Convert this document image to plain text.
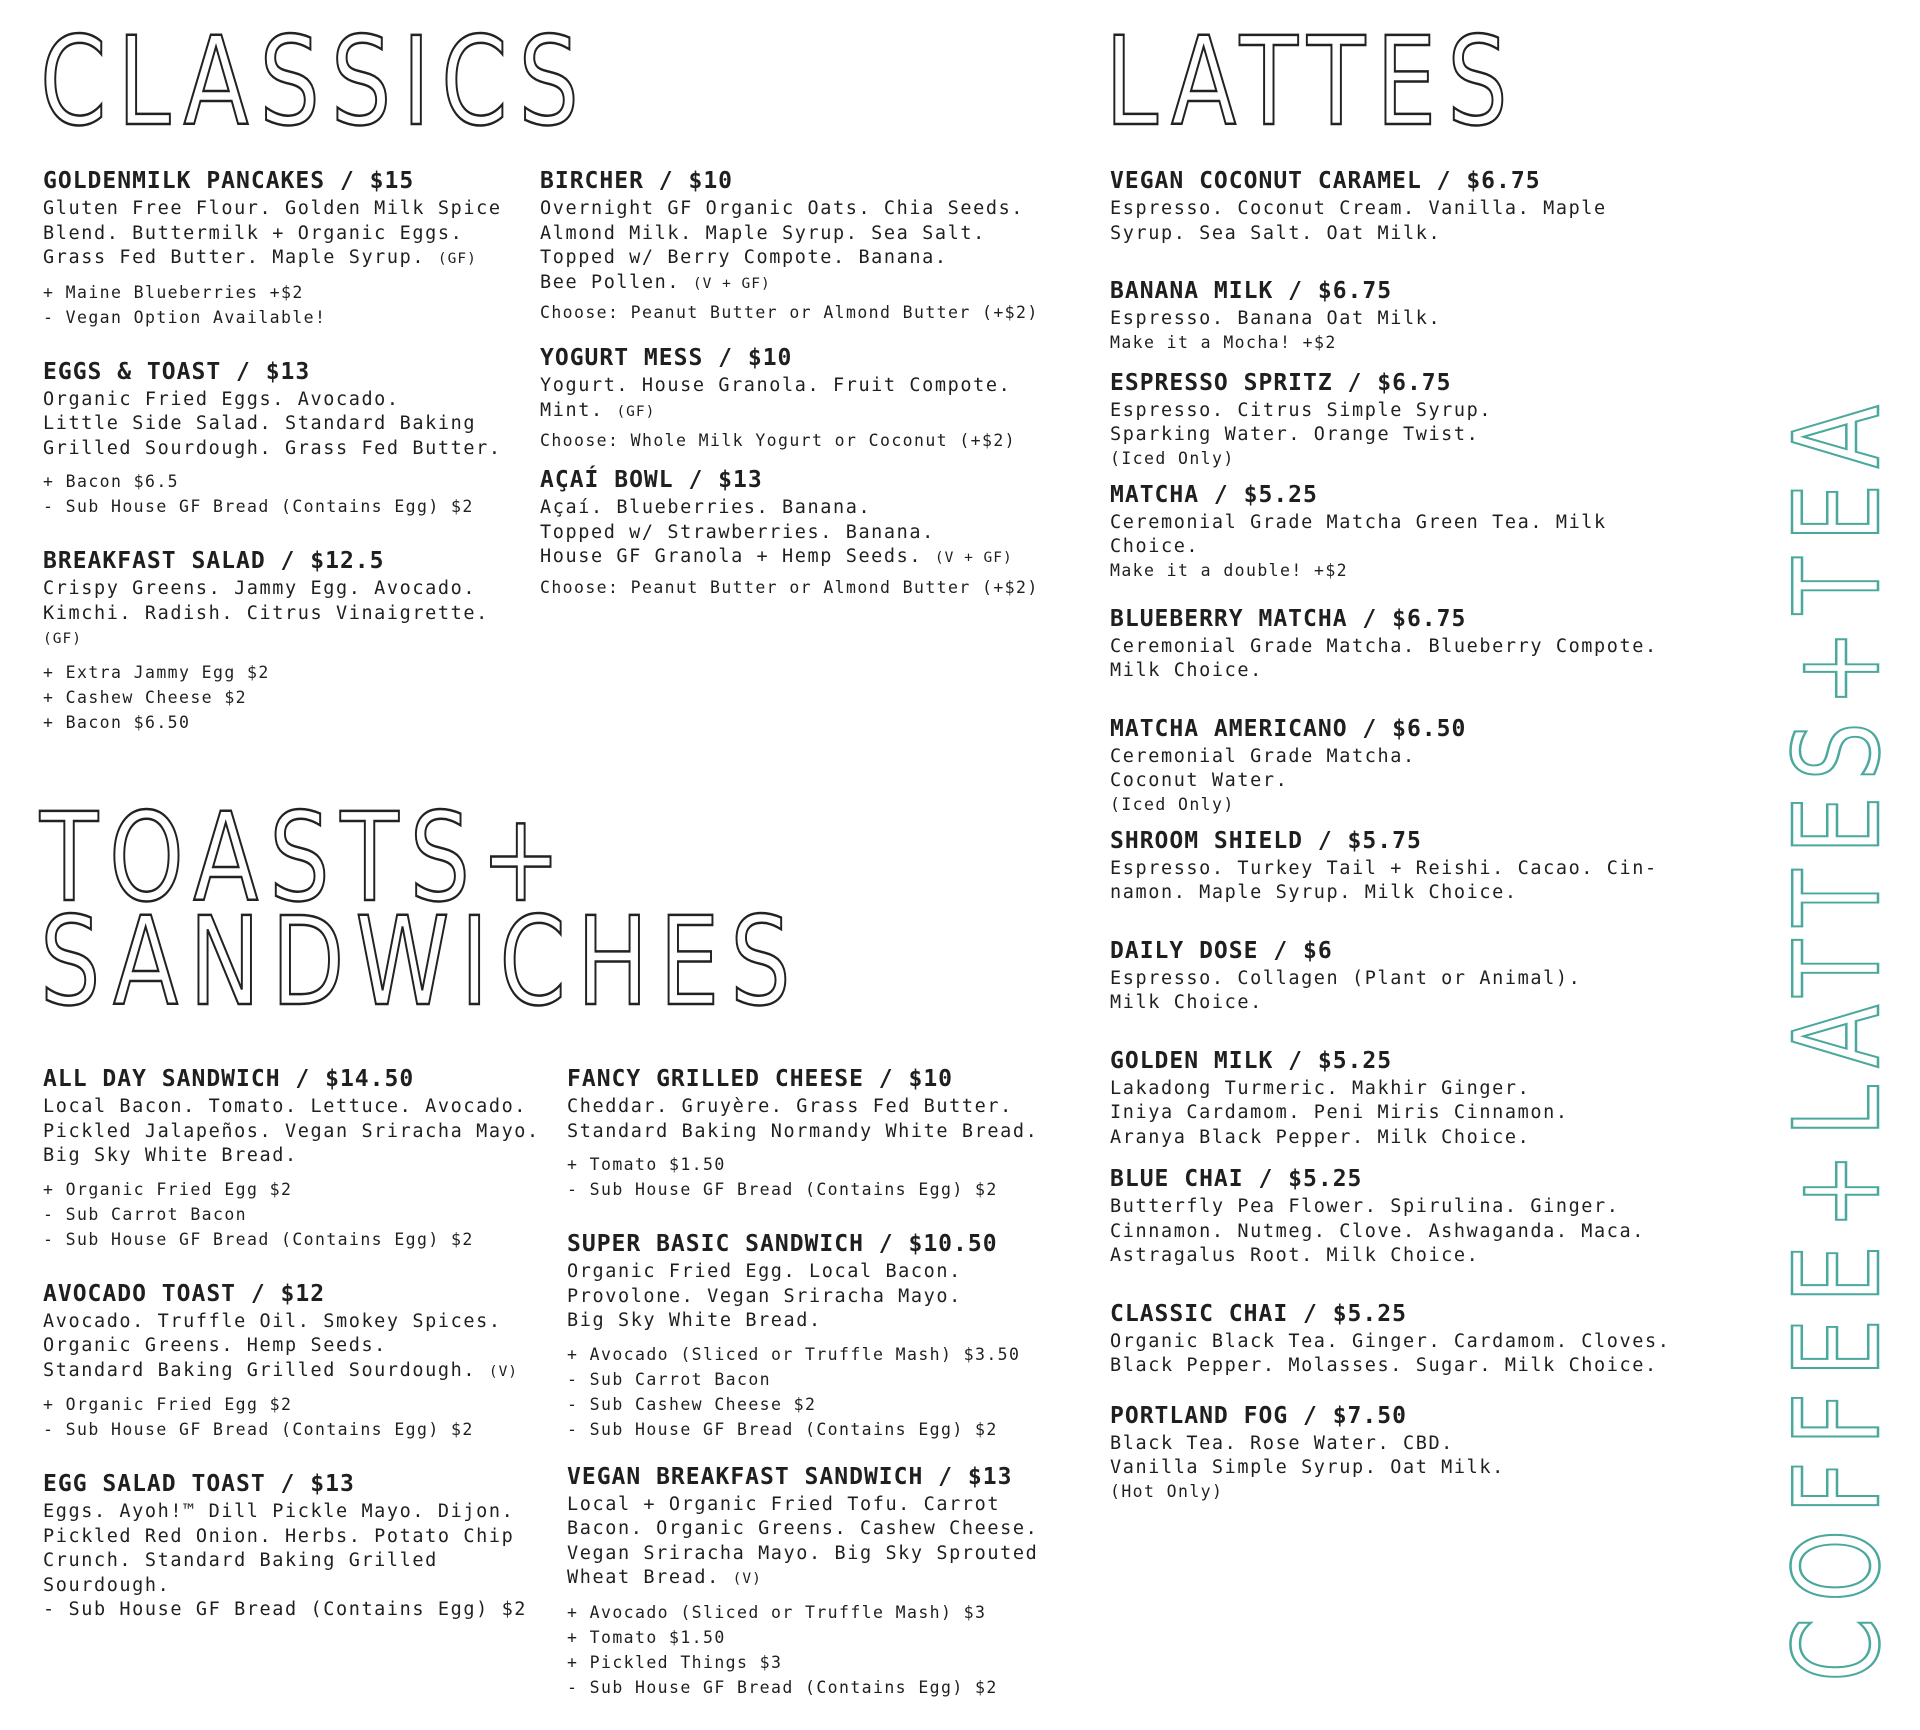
CLASSICS	LATTES
TOASTS+
SANDWICHES
GOLDENMILK PANCAKES / $15
Gluten Free Flour. Golden Milk Spice
Blend. Buttermilk + Organic Eggs.
Grass Fed Butter. Maple Syrup. (GF)
+ Maine Blueberries +$2
- Vegan Option Available!
EGGS & TOAST / $13
Organic Fried Eggs. Avocado.
Little Side Salad. Standard Baking
Grilled Sourdough. Grass Fed Butter.
+ Bacon $6.5
- Sub House GF Bread (Contains Egg) $2
BREAKFAST SALAD / $12.5
Crispy Greens. Jammy Egg. Avocado.
Kimchi. Radish. Citrus Vinaigrette.
(GF)
+ Extra Jammy Egg $2
+ Cashew Cheese $2
+ Bacon $6.50
BIRCHER / $10
Overnight GF Organic Oats. Chia Seeds.
Almond Milk. Maple Syrup. Sea Salt.
Topped w/ Berry Compote. Banana.
Bee Pollen. (V + GF)
Choose: Peanut Butter or Almond Butter (+$2)
YOGURT MESS / $10
Yogurt. House Granola. Fruit Compote.
Mint. (GF)
Choose: Whole Milk Yogurt or Coconut (+$2)
AÇAÍ BOWL / $13
Açaí. Blueberries. Banana.
Topped w/ Strawberries. Banana.
House GF Granola + Hemp Seeds. (V + GF)
Choose: Peanut Butter or Almond Butter (+$2)
ALL DAY SANDWICH / $14.50
Local Bacon. Tomato. Lettuce. Avocado.
Pickled Jalapeños. Vegan Sriracha Mayo.
Big Sky White Bread.
+ Organic Fried Egg $2
- Sub Carrot Bacon
- Sub House GF Bread (Contains Egg) $2
AVOCADO TOAST / $12
Avocado. Truffle Oil. Smokey Spices.
Organic Greens. Hemp Seeds.
Standard Baking Grilled Sourdough. (V)
+ Organic Fried Egg $2
- Sub House GF Bread (Contains Egg) $2
EGG SALAD TOAST / $13
Eggs. Ayoh!™ Dill Pickle Mayo. Dijon.
Pickled Red Onion. Herbs. Potato Chip
Crunch. Standard Baking Grilled
Sourdough.
- Sub House GF Bread (Contains Egg) $2
FANCY GRILLED CHEESE / $10
Cheddar. Gruyère. Grass Fed Butter.
Standard Baking Normandy White Bread.
+ Tomato $1.50
- Sub House GF Bread (Contains Egg) $2
SUPER BASIC SANDWICH / $10.50
Organic Fried Egg. Local Bacon.
Provolone. Vegan Sriracha Mayo.
Big Sky White Bread.
+ Avocado (Sliced or Truffle Mash) $3.50
- Sub Carrot Bacon
- Sub Cashew Cheese $2
- Sub House GF Bread (Contains Egg) $2
VEGAN BREAKFAST SANDWICH / $13
Local + Organic Fried Tofu. Carrot
Bacon. Organic Greens. Cashew Cheese.
Vegan Sriracha Mayo. Big Sky Sprouted
Wheat Bread. (V)
+ Avocado (Sliced or Truffle Mash) $3
+ Tomato $1.50
+ Pickled Things $3
- Sub House GF Bread (Contains Egg) $2
VEGAN COCONUT CARAMEL / $6.75
Espresso. Coconut Cream. Vanilla. Maple
Syrup. Sea Salt. Oat Milk.
BANANA MILK / $6.75
Espresso. Banana Oat Milk.
Make it a Mocha! +$2
ESPRESSO SPRITZ / $6.75
Espresso. Citrus Simple Syrup.
Sparking Water. Orange Twist.
(Iced Only)
MATCHA / $5.25
Ceremonial Grade Matcha Green Tea. Milk
Choice.
Make it a double! +$2
BLUEBERRY MATCHA / $6.75
Ceremonial Grade Matcha. Blueberry Compote.
Milk Choice.
MATCHA AMERICANO / $6.50
Ceremonial Grade Matcha.
Coconut Water.
(Iced Only)
SHROOM SHIELD / $5.75
Espresso. Turkey Tail + Reishi. Cacao. Cin-
namon. Maple Syrup. Milk Choice.
DAILY DOSE / $6
Espresso. Collagen (Plant or Animal).
Milk Choice.
GOLDEN MILK / $5.25
Lakadong Turmeric. Makhir Ginger.
Iniya Cardamom. Peni Miris Cinnamon.
Aranya Black Pepper. Milk Choice.
BLUE CHAI / $5.25
Butterfly Pea Flower. Spirulina. Ginger.
Cinnamon. Nutmeg. Clove. Ashwaganda. Maca.
Astragalus Root. Milk Choice.
CLASSIC CHAI / $5.25
Organic Black Tea. Ginger. Cardamom. Cloves.
Black Pepper. Molasses. Sugar. Milk Choice.
PORTLAND FOG / $7.50
Black Tea. Rose Water. CBD.
Vanilla Simple Syrup. Oat Milk.
(Hot Only)	COFFEE+LATTES+TEA
